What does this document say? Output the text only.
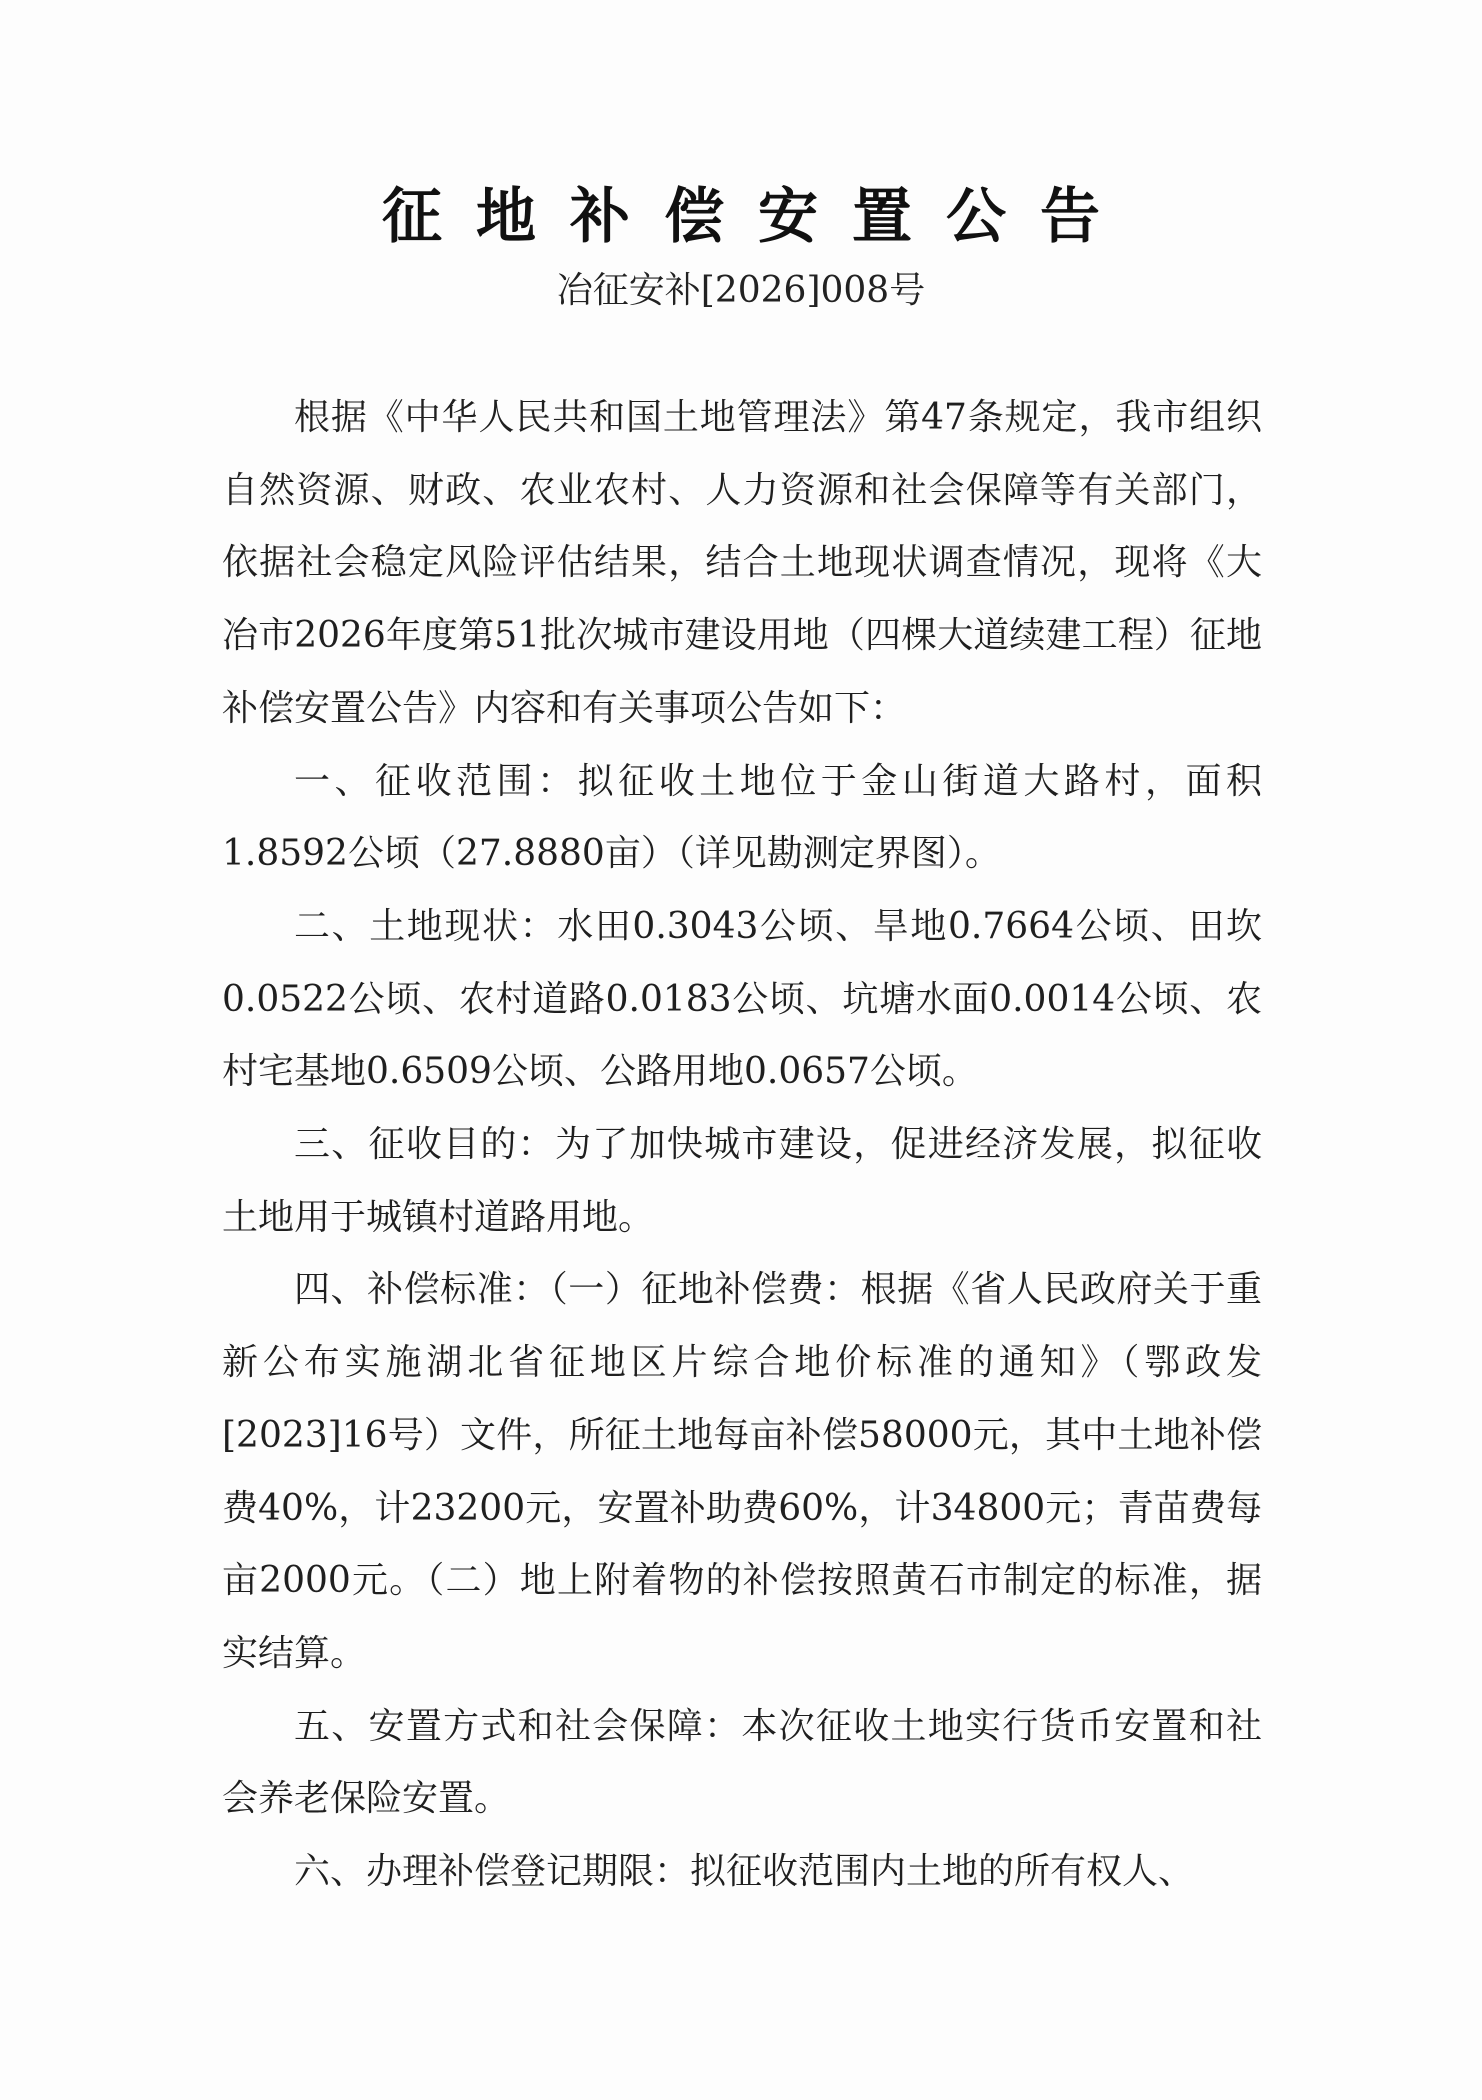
征地补偿安置公告
冶征安补[2026]008号

根据《中华人民共和国土地管理法》第47条规定，我市组织自然资源、财政、农业农村、人力资源和社会保障等有关部门，依据社会稳定风险评估结果，结合土地现状调查情况，现将《大冶市2026年度第51批次城市建设用地（四棵大道续建工程）征地补偿安置公告》内容和有关事项公告如下：

一、征收范围：拟征收土地位于金山街道大路村，面积1.8592公顷（27.8880亩）（详见勘测定界图）。

二、土地现状：水田0.3043公顷、旱地0.7664公顷、田坎0.0522公顷、农村道路0.0183公顷、坑塘水面0.0014公顷、农村宅基地0.6509公顷、公路用地0.0657公顷。

三、征收目的：为了加快城市建设，促进经济发展，拟征收土地用于城镇村道路用地。

四、补偿标准：（一）征地补偿费：根据《省人民政府关于重新公布实施湖北省征地区片综合地价标准的通知》（鄂政发[2023]16号）文件，所征土地每亩补偿58000元，其中土地补偿费40%，计23200元，安置补助费60%，计34800元；青苗费每亩2000元。（二）地上附着物的补偿按照黄石市制定的标准，据实结算。

五、安置方式和社会保障：本次征收土地实行货币安置和社会养老保险安置。

六、办理补偿登记期限：拟征收范围内土地的所有权人、
